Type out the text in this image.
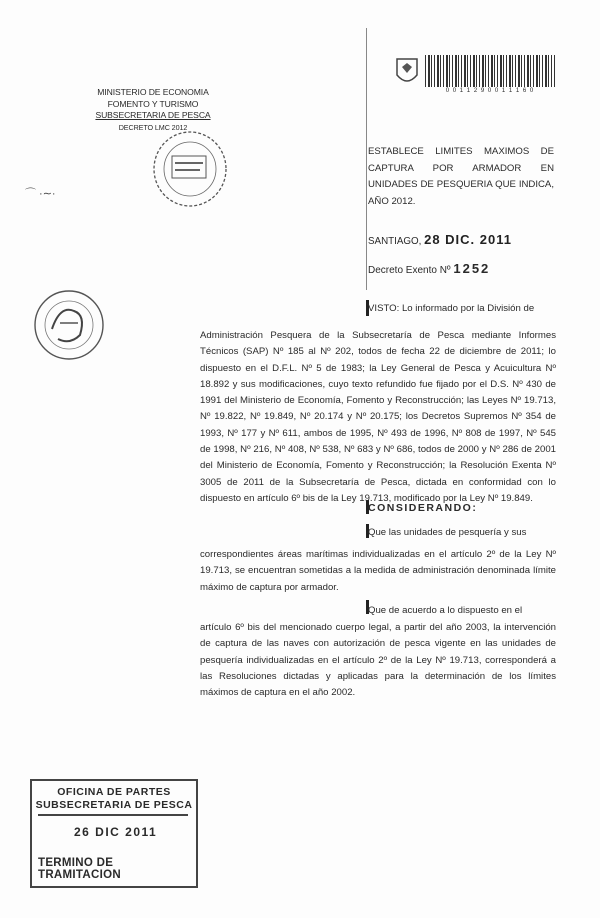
MINISTERIO DE ECONOMIA
FOMENTO Y TURISMO
SUBSECRETARIA DE PESCA
DECRETO LMC 2012
⌒ ·∼·
0 0 1 1 2 9 0 0 1 1 1 6 0
ESTABLECE LIMITES MAXIMOS DE CAPTURA POR ARMADOR EN UNIDADES DE PESQUERIA QUE INDICA, AÑO 2012.
SANTIAGO, 28 DIC. 2011
Decreto Exento Nº 1252
VISTO: Lo informado por la División de
Administración Pesquera de la Subsecretaría de Pesca mediante Informes Técnicos (SAP) Nº 185 al Nº 202, todos de fecha 22 de diciembre de 2011; lo dispuesto en el D.F.L. Nº 5 de 1983; la Ley General de Pesca y Acuicultura Nº 18.892 y sus modificaciones, cuyo texto refundido fue fijado por el D.S. Nº 430 de 1991 del Ministerio de Economía, Fomento y Reconstrucción; las Leyes Nº 19.713, Nº 19.822, Nº 19.849, Nº 20.174 y Nº 20.175; los Decretos Supremos Nº 354 de 1993, Nº 177 y Nº 611, ambos de 1995, Nº 493 de 1996, Nº 808 de 1997, Nº 545 de 1998, Nº 216, Nº 408, Nº 538, Nº 683 y Nº 686, todos de 2000 y Nº 286 de 2001 del Ministerio de Economía, Fomento y Reconstrucción; la Resolución Exenta Nº 3005 de 2011 de la Subsecretaría de Pesca, dictada en conformidad con lo dispuesto en artículo 6º bis de la Ley 19.713, modificado por la Ley Nº 19.849.
CONSIDERANDO:
Que las unidades de pesquería y sus
correspondientes áreas marítimas individualizadas en el artículo 2º de la Ley Nº 19.713, se encuentran sometidas a la medida de administración denominada límite máximo de captura por armador.
Que de acuerdo a lo dispuesto en el
artículo 6º bis del mencionado cuerpo legal, a partir del año 2003, la intervención de captura de las naves con autorización de pesca vigente en las unidades de pesquería individualizadas en el artículo 2º de la Ley Nº 19.713, corresponderá a las Resoluciones dictadas y aplicadas para la determinación de los límites máximos de captura en el año 2002.
OFICINA DE PARTES
SUBSECRETARIA DE PESCA
26 DIC 2011
TERMINO DE TRAMITACION
